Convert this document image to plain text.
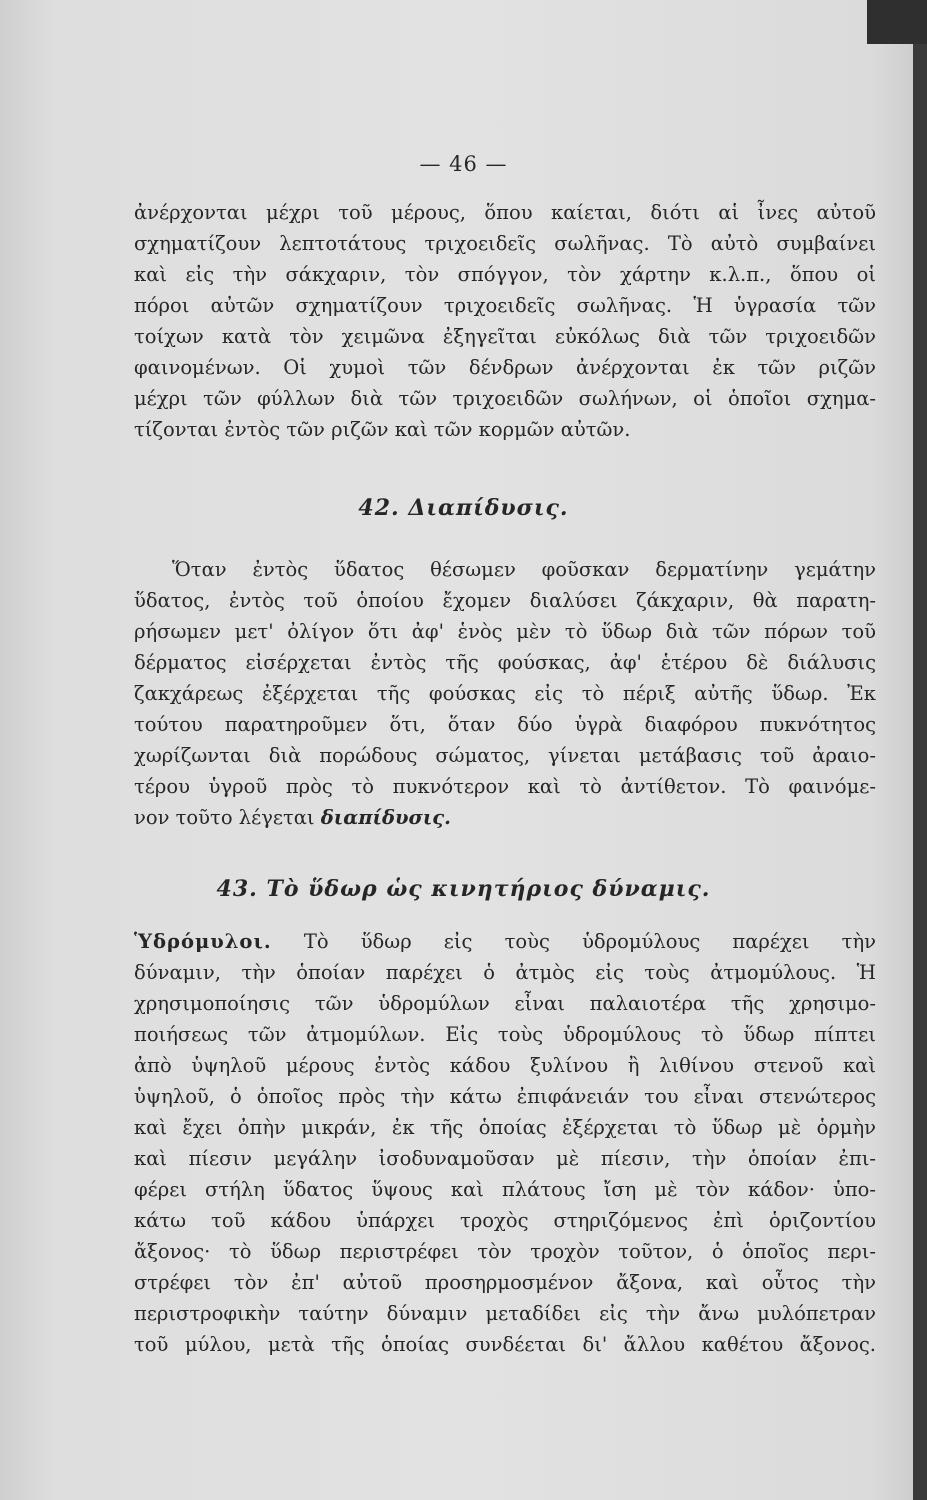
— 46 —
ἀνέρχονται μέχρι τοῦ μέρους, ὅπου καίεται, διότι αἱ ἶνες αὐτοῦ
σχηματίζουν λεπτοτάτους τριχοειδεῖς σωλῆνας. Τὸ αὐτὸ συμβαίνει
καὶ εἰς τὴν σάκχαριν, τὸν σπόγγον, τὸν χάρτην κ.λ.π., ὅπου οἱ
πόροι αὐτῶν σχηματίζουν τριχοειδεῖς σωλῆνας. Ἡ ὑγρασία τῶν
τοίχων κατὰ τὸν χειμῶνα ἐξηγεῖται εὐκόλως διὰ τῶν τριχοειδῶν
φαινομένων. Οἱ χυμοὶ τῶν δένδρων ἀνέρχονται ἐκ τῶν ριζῶν
μέχρι τῶν φύλλων διὰ τῶν τριχοειδῶν σωλήνων, οἱ ὁποῖοι σχημα-
τίζονται ἐντὸς τῶν ριζῶν καὶ τῶν κορμῶν αὐτῶν.
42. Διαπίδυσις.
Ὅταν ἐντὸς ὕδατος θέσωμεν φοῦσκαν δερματίνην γεμάτην
ὕδατος, ἐντὸς τοῦ ὁποίου ἔχομεν διαλύσει ζάκχαριν, θὰ παρατη-
ρήσωμεν μετ' ὀλίγον ὅτι ἀφ' ἑνὸς μὲν τὸ ὕδωρ διὰ τῶν πόρων τοῦ
δέρματος εἰσέρχεται ἐντὸς τῆς φούσκας, ἀφ' ἑτέρου δὲ διάλυσις
ζακχάρεως ἐξέρχεται τῆς φούσκας εἰς τὸ πέριξ αὐτῆς ὕδωρ. Ἐκ
τούτου παρατηροῦμεν ὅτι, ὅταν δύο ὑγρὰ διαφόρου πυκνότητος
χωρίζωνται διὰ πορώδους σώματος, γίνεται μετάβασις τοῦ ἀραιο-
τέρου ὑγροῦ πρὸς τὸ πυκνότερον καὶ τὸ ἀντίθετον. Τὸ φαινόμε-
νον τοῦτο λέγεται διαπίδυσις.
43. Τὸ ὕδωρ ὡς κινητήριος δύναμις.
Ὑδρόμυλοι. Τὸ ὕδωρ εἰς τοὺς ὑδρομύλους παρέχει τὴν
δύναμιν, τὴν ὁποίαν παρέχει ὁ ἀτμὸς εἰς τοὺς ἀτμομύλους. Ἡ
χρησιμοποίησις τῶν ὑδρομύλων εἶναι παλαιοτέρα τῆς χρησιμο-
ποιήσεως τῶν ἀτμομύλων. Εἰς τοὺς ὑδρομύλους τὸ ὕδωρ πίπτει
ἀπὸ ὑψηλοῦ μέρους ἐντὸς κάδου ξυλίνου ἢ λιθίνου στενοῦ καὶ
ὑψηλοῦ, ὁ ὁποῖος πρὸς τὴν κάτω ἐπιφάνειάν του εἶναι στενώτερος
καὶ ἔχει ὀπὴν μικράν, ἐκ τῆς ὁποίας ἐξέρχεται τὸ ὕδωρ μὲ ὁρμὴν
καὶ πίεσιν μεγάλην ἰσοδυναμοῦσαν μὲ πίεσιν, τὴν ὁποίαν ἐπι-
φέρει στήλη ὕδατος ὕψους καὶ πλάτους ἴση μὲ τὸν κάδον· ὑπο-
κάτω τοῦ κάδου ὑπάρχει τροχὸς στηριζόμενος ἐπὶ ὁριζοντίου
ἄξονος· τὸ ὕδωρ περιστρέφει τὸν τροχὸν τοῦτον, ὁ ὁποῖος περι-
στρέφει τὸν ἐπ' αὐτοῦ προσηρμοσμένον ἄξονα, καὶ οὗτος τὴν
περιστροφικὴν ταύτην δύναμιν μεταδίδει εἰς τὴν ἄνω μυλόπετραν
τοῦ μύλου, μετὰ τῆς ὁποίας συνδέεται δι' ἄλλου καθέτου ἄξονος.
